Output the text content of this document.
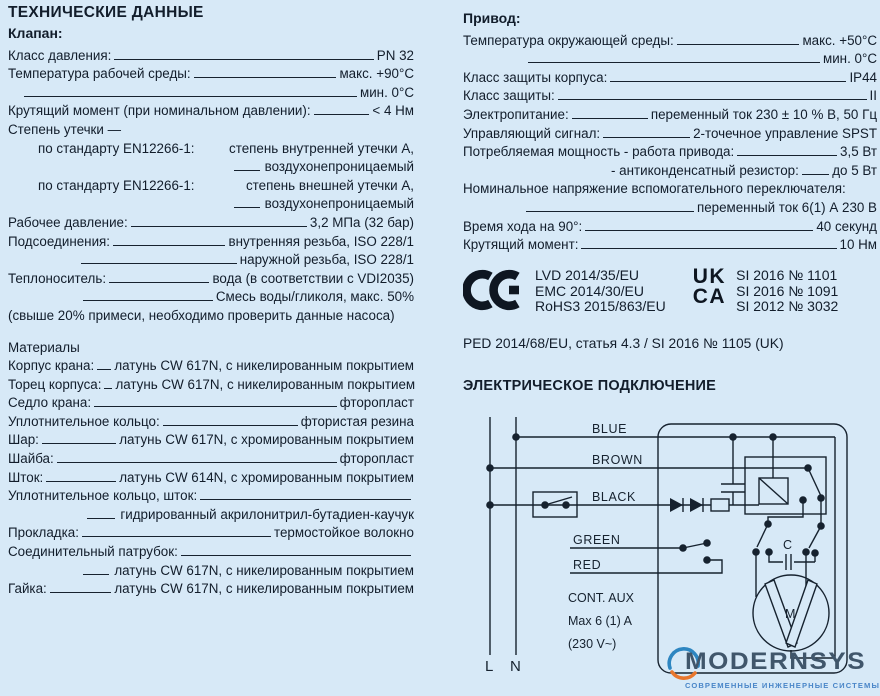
ТЕХНИЧЕСКИЕ ДАННЫЕ
Клапан:
Класс давления:	PN 32
Температура рабочей среды:	макс. +90°C
мин. 0°C
Крутящий момент (при номинальном давлении):	< 4 Нм
Степень утечки —
по стандарту EN12266-1:	степень внутренней утечки А,
воздухонепроницаемый
по стандарту EN12266-1:	степень внешней утечки А,
воздухонепроницаемый
Рабочее давление:	3,2 МПа (32 бар)
Подсоединения:	внутренняя резьба, ISO 228/1
наружной резьба, ISO 228/1
Теплоноситель:	вода (в соответствии с VDI2035)
Смесь воды/гликоля, макс. 50%
(свыше 20% примеси, необходимо проверить данные насоса)
Материалы
Корпус крана: латунь CW 617N, с никелированным покрытием
Торец корпуса: латунь CW 617N, с никелированным покрытием
Седло крана:	фторопласт
Уплотнительное кольцо:	фтористая резина
Шар:	латунь CW 617N, с хромированным покрытием
Шайба:	фторопласт
Шток:	латунь CW 614N, с хромированным покрытием
Уплотнительное кольцо, шток:
гидрированный акрилонитрил-бутадиен-каучук
Прокладка:	термостойкое волокно
Соединительный патрубок:
латунь CW 617N, с никелированным покрытием
Гайка:	латунь CW 617N, с никелированным покрытием
Привод:
Температура окружающей среды:	макс. +50°C
мин. 0°C
Класс защиты корпуса:	IP44
Класс защиты:	II
Электропитание:	переменный ток 230 ± 10 % В, 50 Гц
Управляющий сигнал:	2-точечное управление SPST
Потребляемая мощность - работа привода:	3,5 Вт
- антиконденсатный резистор: до 5 Вт
Номинальное напряжение вспомогательного переключателя:
переменный ток 6(1) А 230 В
Время хода на 90°:	40 секунд
Крутящий момент:	10 Нм
LVD 2014/35/EU
EMC 2014/30/EU
RoHS3 2015/863/EU
UK
CA
SI 2016 № 1101
SI 2016 № 1091
SI 2012 № 3032
PED 2014/68/EU, статья 4.3 / SI 2016 № 1105 (UK)
ЭЛЕКТРИЧЕСКОЕ ПОДКЛЮЧЕНИЕ
BLUE
BROWN
BLACK
GREEN
RED
CONT. AUX
Max 6 (1) A
(230 V~)
L N
C
M
MODERNSYS
СОВРЕМЕННЫЕ ИНЖЕНЕРНЫЕ СИСТЕМЫ
